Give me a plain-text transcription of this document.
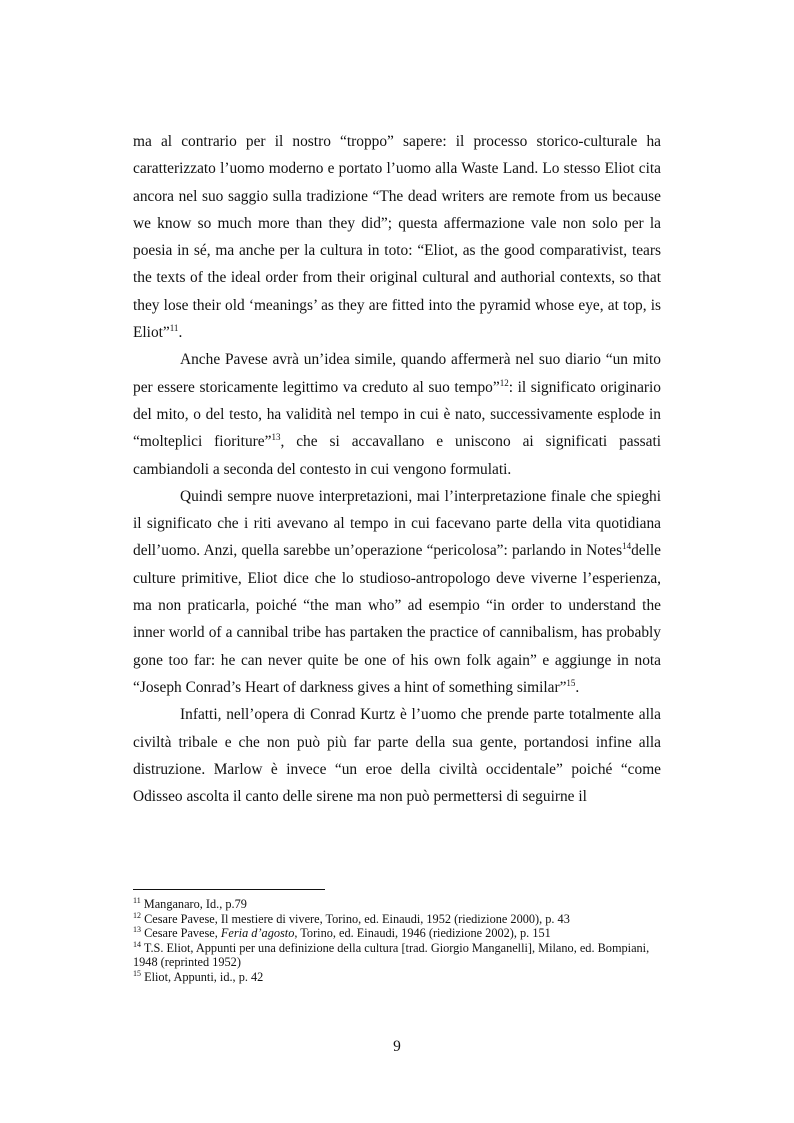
ma al contrario per il nostro “troppo” sapere: il processo storico-culturale ha caratterizzato l’uomo moderno e portato l’uomo alla Waste Land. Lo stesso Eliot cita ancora nel suo saggio sulla tradizione “The dead writers are remote from us because we know so much more than they did”; questa affermazione vale non solo per la poesia in sé, ma anche per la cultura in toto: “Eliot, as the good comparativist, tears the texts of the ideal order from their original cultural and authorial contexts, so that they lose their old ‘meanings’ as they are fitted into the pyramid whose eye, at top, is Eliot”$^{11}$.

Anche Pavese avrà un’idea simile, quando affermerà nel suo diario “un mito per essere storicamente legittimo va creduto al suo tempo”$^{12}$: il significato originario del mito, o del testo, ha validità nel tempo in cui è nato, successivamente esplode in “molteplici fioriture”$^{13}$, che si accavallano e uniscono ai significati passati cambiandoli a seconda del contesto in cui vengono formulati.

Quindi sempre nuove interpretazioni, mai l’interpretazione finale che spieghi il significato che i riti avevano al tempo in cui facevano parte della vita quotidiana dell’uomo. Anzi, quella sarebbe un’operazione “pericolosa”: parlando in Notes$^{14}$delle culture primitive, Eliot dice che lo studioso-antropologo deve viverne l’esperienza, ma non praticarla, poiché “the man who” ad esempio “in order to understand the inner world of a cannibal tribe has partaken the practice of cannibalism, has probably gone too far: he can never quite be one of his own folk again” e aggiunge in nota “Joseph Conrad’s Heart of darkness gives a hint of something similar”$^{15}$.

Infatti, nell’opera di Conrad Kurtz è l’uomo che prende parte totalmente alla civiltà tribale e che non può più far parte della sua gente, portandosi infine alla distruzione. Marlow è invece “un eroe della civiltà occidentale” poiché “come Odisseo ascolta il canto delle sirene ma non può permettersi di seguirne il

$^{11}$ Manganaro, Id., p.79

$^{12}$ Cesare Pavese, Il mestiere di vivere, Torino, ed. Einaudi, 1952 (riedizione 2000), p. 43

$^{13}$ Cesare Pavese, Feria d’agosto, Torino, ed. Einaudi, 1946 (riedizione 2002), p. 151

$^{14}$ T.S. Eliot, Appunti per una definizione della cultura [trad. Giorgio Manganelli], Milano, ed. Bompiani, 1948 (reprinted 1952)

$^{15}$ Eliot, Appunti, id., p. 42

9
